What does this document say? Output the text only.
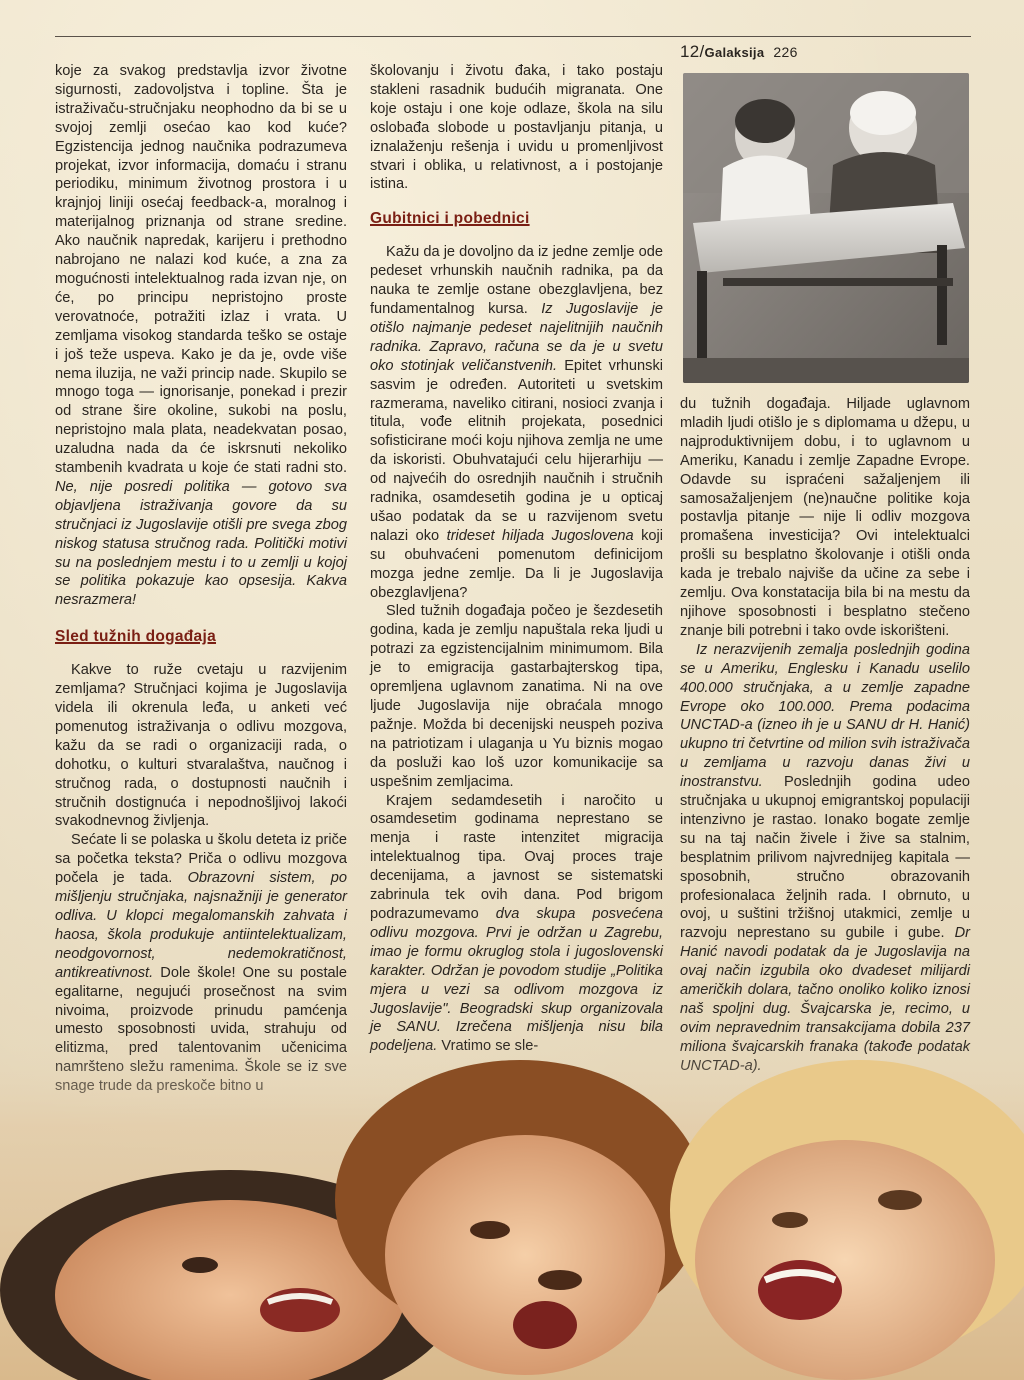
12/Galaksija 226

koje za svakog predstavlja izvor životne sigurnosti, zadovoljstva i topline. Šta je istraživaču-stručnjaku neophodno da bi se u svojoj zemlji osećao kao kod kuće? Egzistencija jednog naučnika podrazumeva projekat, izvor informacija, domaću i stranu periodiku, minimum životnog prostora i u krajnjoj liniji osećaj feedback-a, moralnog i materijalnog priznanja od strane sredine. Ako naučnik napredak, karijeru i prethodno nabrojano ne nalazi kod kuće, a zna za mogućnosti intelektualnog rada izvan nje, on će, po principu nepristojno proste verovatnoće, potražiti izlaz i vrata. U zemljama visokog standarda teško se ostaje i još teže uspeva. Kako je da je, ovde više nema iluzija, ne važi princip nade. Skupilo se mnogo toga — ignorisanje, ponekad i prezir od strane šire okoline, sukobi na poslu, nepristojno mala plata, neadekvatan posao, uzaludna nada da će iskrsnuti nekoliko stambenih kvadrata u koje će stati radni sto. Ne, nije posredi politika — gotovo sva objavljena istraživanja govore da su stručnjaci iz Jugoslavije otišli pre svega zbog niskog statusa stručnog rada. Politički motivi su na poslednjem mestu i to u zemlji u kojoj se politika pokazuje kao opsesija. Kakva nesrazmera!

Sled tužnih događaja

Kakve to ruže cvetaju u razvijenim zemljama? Stručnjaci kojima je Jugoslavija videla ili okrenula leđa, u anketi već pomenutog istraživanja o odlivu mozgova, kažu da se radi o organizaciji rada, o dohotku, o kulturi stvaralaštva, naučnog i stručnog rada, o dostupnosti naučnih i stručnih dostignuća i nepodnošljivoj lakoći svakodnevnog življenja.

Sećate li se polaska u školu deteta iz priče sa početka teksta? Priča o odlivu mozgova počela je tada. Obrazovni sistem, po mišljenju stručnjaka, najsnažniji je generator odliva. U klopci megalomanskih zahvata i haosa, škola produkuje antiintelektualizam, neodgovornost, nedemokratičnost, antikreativnost. Dole škole! One su postale egalitarne, negujući prosečnost na svim nivoima, proizvode prinudu pamćenja umesto sposobnosti uvida, strahuju od

školovanju i životu đaka, i tako postaju stakleni rasadnik budućih migranata. One koje ostaju i one koje odlaze, škola na silu oslobađa slobode u postavljanju pitanja, u iznalaženju rešenja i uvidu u promenljivost stvari i oblika, u relativnost, a i postojanje istina.

Gubitnici i pobednici

Kažu da je dovoljno da iz jedne zemlje ode pedeset vrhunskih naučnih radnika, pa da nauka te zemlje ostane obezglavljena, bez fundamentalnog kursa. Iz Jugoslavije je otišlo najmanje pedeset najelitnijih naučnih radnika. Zapravo, računa se da je u svetu oko stotinjak veličanstvenih. Epitet vrhunski sasvim je određen. Autoriteti u svetskim razmerama, naveliko citirani, nosioci zvanja i titula, vođe elitnih projekata, posednici sofisticirane moći koju njihova zemlja ne ume da iskoristi. Obuhvatajući celu hijerarhiju — od najvećih do osrednjih naučnih i stručnih radnika, osamdesetih godina je u opticaj ušao podatak da se u razvijenom svetu nalazi oko trideset hiljada Jugoslovena koji su obuhvaćeni pomenutom definicijom mozga jedne zemlje. Da li je Jugoslavija obezglavljena?

Sled tužnih događaja počeo je šezdesetih godina, kada je zemlju napuštala reka ljudi u potrazi za egzistencijalnim minimumom. Bila je to emigracija gastarbajterskog tipa, opremljena uglavnom zanatima. Ni na ove ljude Jugoslavija nije obraćala mnogo pažnje. Možda bi decenijski neuspeh poziva na patriotizam i ulaganja u Yu biznis mogao da posluži kao loš uzor komunikacije sa uspešnim zemljacima.

Krajem sedamdesetih i naročito u osamdesetim godinama neprestano se menja i raste intenzitet migracija intelektualnog tipa. Ovaj proces traje decenijama, a javnost se sistematski zabrinula tek ovih dana. Pod brigom podrazumevamo dva skupa posvećena odlivu mozgova. Prvi je održan u Zagrebu, imao je formu okruglog stola i jugoslovenski karakter. Održan je povodom studije „Politika mjera u vezi sa odlivom mozgova iz Jugoslavije". Beogradski skup organizovala je SANU. Izrečena mišljenja nisu bila

du tužnih događaja. Hiljade uglavnom mladih ljudi otišlo je s diplomama u džepu, u najproduktivnijem dobu, i to uglavnom u Ameriku, Kanadu i zemlje Zapadne Evrope. Odavde su ispraćeni sažaljenjem ili samosažaljenjem (ne)naučne politike koja postavlja pitanje — nije li odliv mozgova promašena investicija? Ovi intelektualci prošli su besplatno školovanje i otišli onda kada je trebalo najviše da učine za sebe i zemlju. Ova konstatacija bila bi na mestu da njihove sposobnosti i besplatno stečeno znanje bili potrebni i tako ovde iskorišteni.

Iz nerazvijenih zemalja poslednjih godina se u Ameriku, Englesku i Kanadu uselilo 400.000 stručnjaka, a u zemlje zapadne Evrope oko 100.000. Prema podacima UNCTAD-a (izneo ih je u SANU dr H. Hanić) ukupno tri četvrtine od milion svih istraživača u zemljama u razvoju danas živi u inostranstvu. Poslednjih godina udeo stručnjaka u ukupnoj emigrantskoj populaciji intenzivno je rastao. Ionako bogate zemlje su na taj način živele i žive sa stalnim, besplatnim prilivom najvrednijeg kapitala — sposobnih, stručno obrazovanih profesionalaca željnih rada. I obrnuto, u ovoj, u suštini tržišnoj utakmici, zemlje u razvoju neprestano su gubile i gube. Dr Hanić navodi podatak da je Jugoslavija na ovaj način izgubila oko dvadeset milijardi američkih dolara, tačno onoliko koliko iznosi naš spoljni dug. Švajcarska je, recimo, u ovim nepravednim transakcijama dobila 237
